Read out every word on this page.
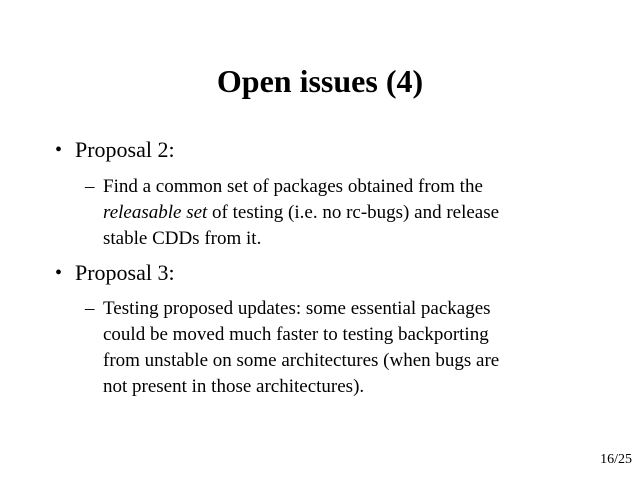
Open issues (4)
• Proposal 2:
– Find a common set of packages obtained from the
releasable set of testing (i.e. no rc-bugs) and release
stable CDDs from it.
• Proposal 3:
– Testing proposed updates: some essential packages
could be moved much faster to testing backporting
from unstable on some architectures (when bugs are
not present in those architectures).
16/25
